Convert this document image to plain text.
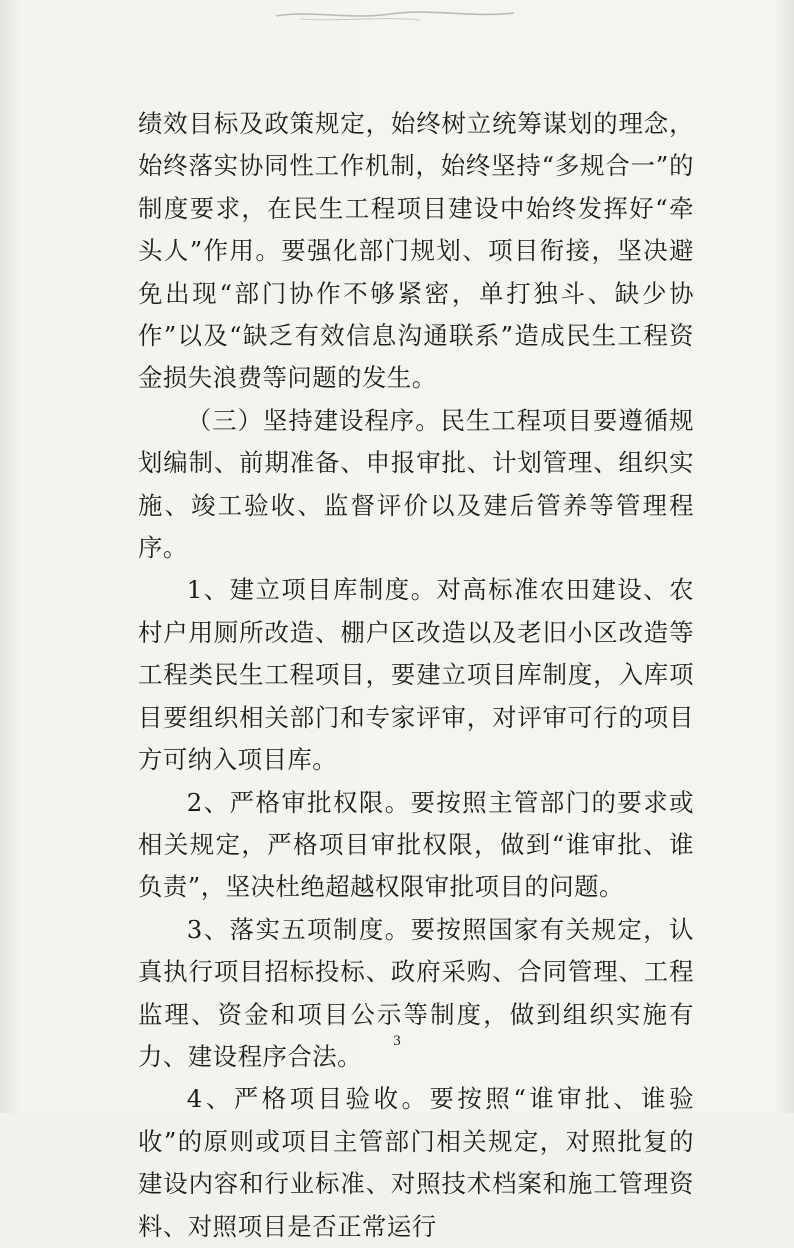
绩效目标及政策规定，始终树立统筹谋划的理念，始终落实协同性工作机制，始终坚持“多规合一”的制度要求，在民生工程项目建设中始终发挥好“牵头人”作用。要强化部门规划、项目衔接，坚决避免出现“部门协作不够紧密，单打独斗、缺少协作”以及“缺乏有效信息沟通联系”造成民生工程资金损失浪费等问题的发生。

（三）坚持建设程序。民生工程项目要遵循规划编制、前期准备、申报审批、计划管理、组织实施、竣工验收、监督评价以及建后管养等管理程序。

1、建立项目库制度。对高标准农田建设、农村户用厕所改造、棚户区改造以及老旧小区改造等工程类民生工程项目，要建立项目库制度，入库项目要组织相关部门和专家评审，对评审可行的项目方可纳入项目库。

2、严格审批权限。要按照主管部门的要求或相关规定，严格项目审批权限，做到“谁审批、谁负责”，坚决杜绝超越权限审批项目的问题。

3、落实五项制度。要按照国家有关规定，认真执行项目招标投标、政府采购、合同管理、工程监理、资金和项目公示等制度，做到组织实施有力、建设程序合法。

4、严格项目验收。要按照“谁审批、谁验收”的原则或项目主管部门相关规定，对照批复的建设内容和行业标准、对照技术档案和施工管理资料、对照项目是否正常运行

3
